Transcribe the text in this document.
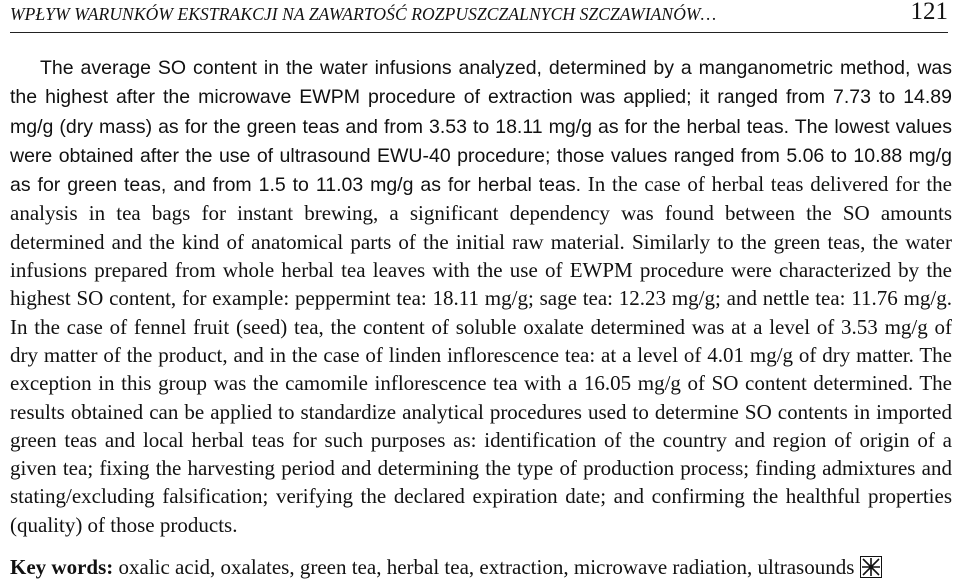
WPŁYW WARUNKÓW EKSTRAKCJI NA ZAWARTOŚĆ ROZPUSZCZALNYCH SZCZAWIANÓW…	121

The average SO content in the water infusions analyzed, determined by a manganometric method, was the highest after the microwave EWPM procedure of extraction was applied; it ranged from 7.73 to 14.89 mg/g (dry mass) as for the green teas and from 3.53 to 18.11 mg/g as for the herbal teas. The lowest values were obtained after the use of ultrasound EWU-40 procedure; those values ranged from 5.06 to 10.88 mg/g as for green teas, and from 1.5 to 11.03 mg/g as for herbal teas. In the case of herbal teas delivered for the analysis in tea bags for instant brewing, a significant dependency was found between the SO amounts determined and the kind of anatomical parts of the initial raw material. Similarly to the green teas, the water infusions prepared from whole herbal tea leaves with the use of EWPM procedure were characterized by the highest SO content, for example: peppermint tea: 18.11 mg/g; sage tea: 12.23 mg/g; and nettle tea: 11.76 mg/g. In the case of fennel fruit (seed) tea, the content of soluble oxalate determined was at a level of 3.53 mg/g of dry matter of the product, and in the case of linden inflorescence tea: at a level of 4.01 mg/g of dry matter. The exception in this group was the camomile inflorescence tea with a 16.05 mg/g of SO content determined. The results obtained can be applied to standardize analytical procedures used to determine SO contents in imported green teas and local herbal teas for such purposes as: identification of the country and region of origin of a given tea; fixing the harvesting period and determining the type of production process; finding admixtures and stating/excluding falsification; verifying the declared expiration date; and confirming the healthful properties (quality) of those products.

Key words: oxalic acid, oxalates, green tea, herbal tea, extraction, microwave radiation, ultrasounds
